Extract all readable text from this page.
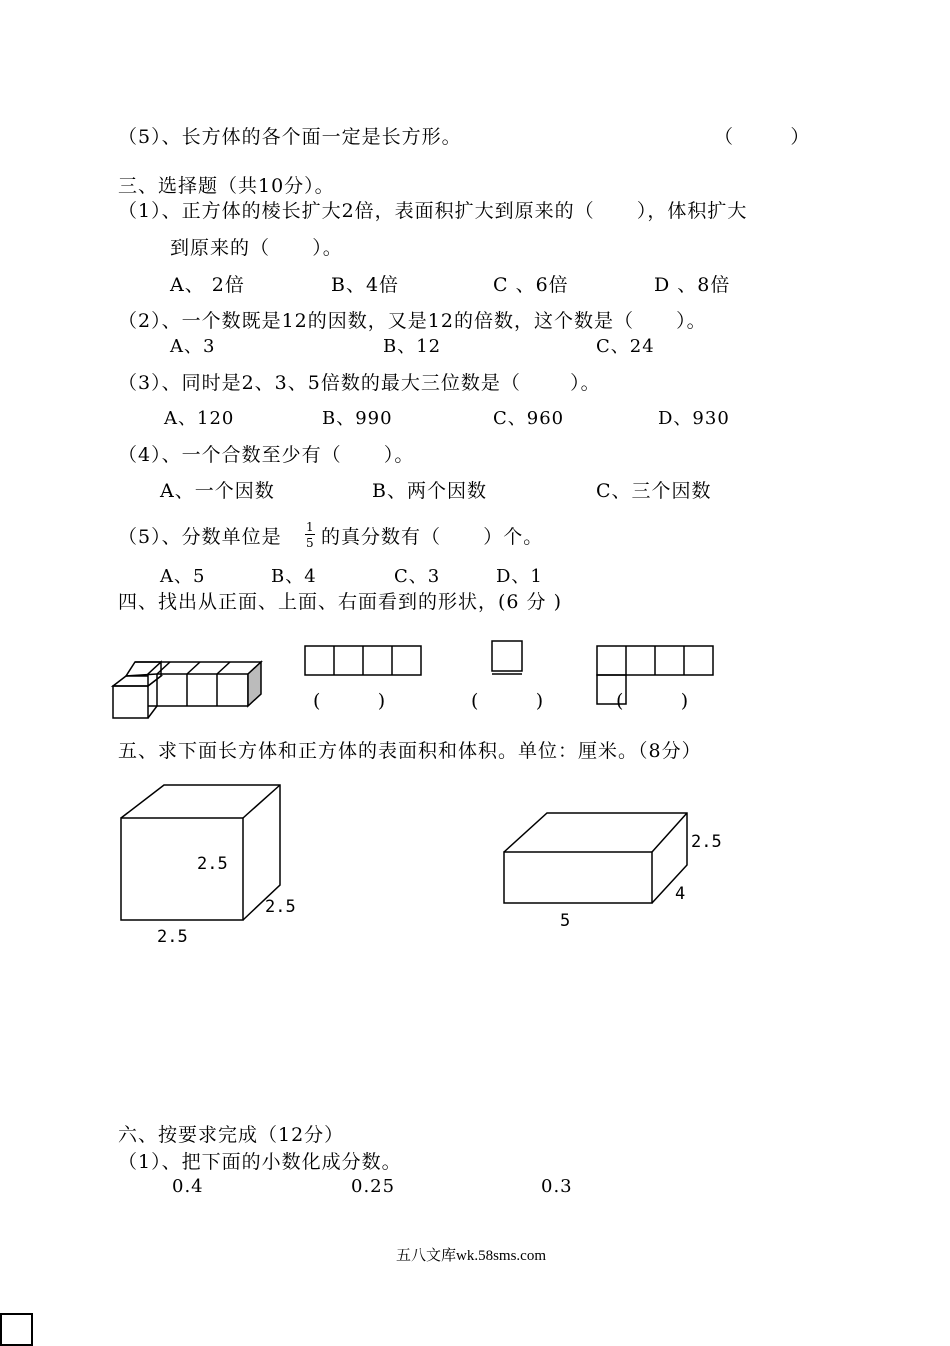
（5）、长方体的各个面一定是长方形。	（        ）
三、选择题（共10分）。
（1）、正方体的棱长扩大2倍，表面积扩大到原来的（      ），体积扩大
到原来的（      ）。
A、 2倍	B、4倍	C 、6倍	D 、8倍
（2）、一个数既是12的因数，又是12的倍数，这个数是（      ）。
A、3	B、12	C、24
（3）、同时是2、3、5倍数的最大三位数是（       ）。
A、120	B、990	C、960	D、930
（4）、一个合数至少有（      ）。
A、一个因数	B、两个因数	C、三个因数
（5）、分数单位是 $\frac{1}{5}$ 的真分数有（      ）个。
A、5	B、4	C、3	D、1
四、找出从正面、上面、右面看到的形状，(6 分 )
(        )	(        )	(        )
五、求下面长方体和正方体的表面积和体积。单位：厘米。（8分）
2.5
2.5
2.5
2.5
4
5
六、按要求完成（12分）
（1）、把下面的小数化成分数。
0.4	0.25	0.3
五八文库wk.58sms.com
